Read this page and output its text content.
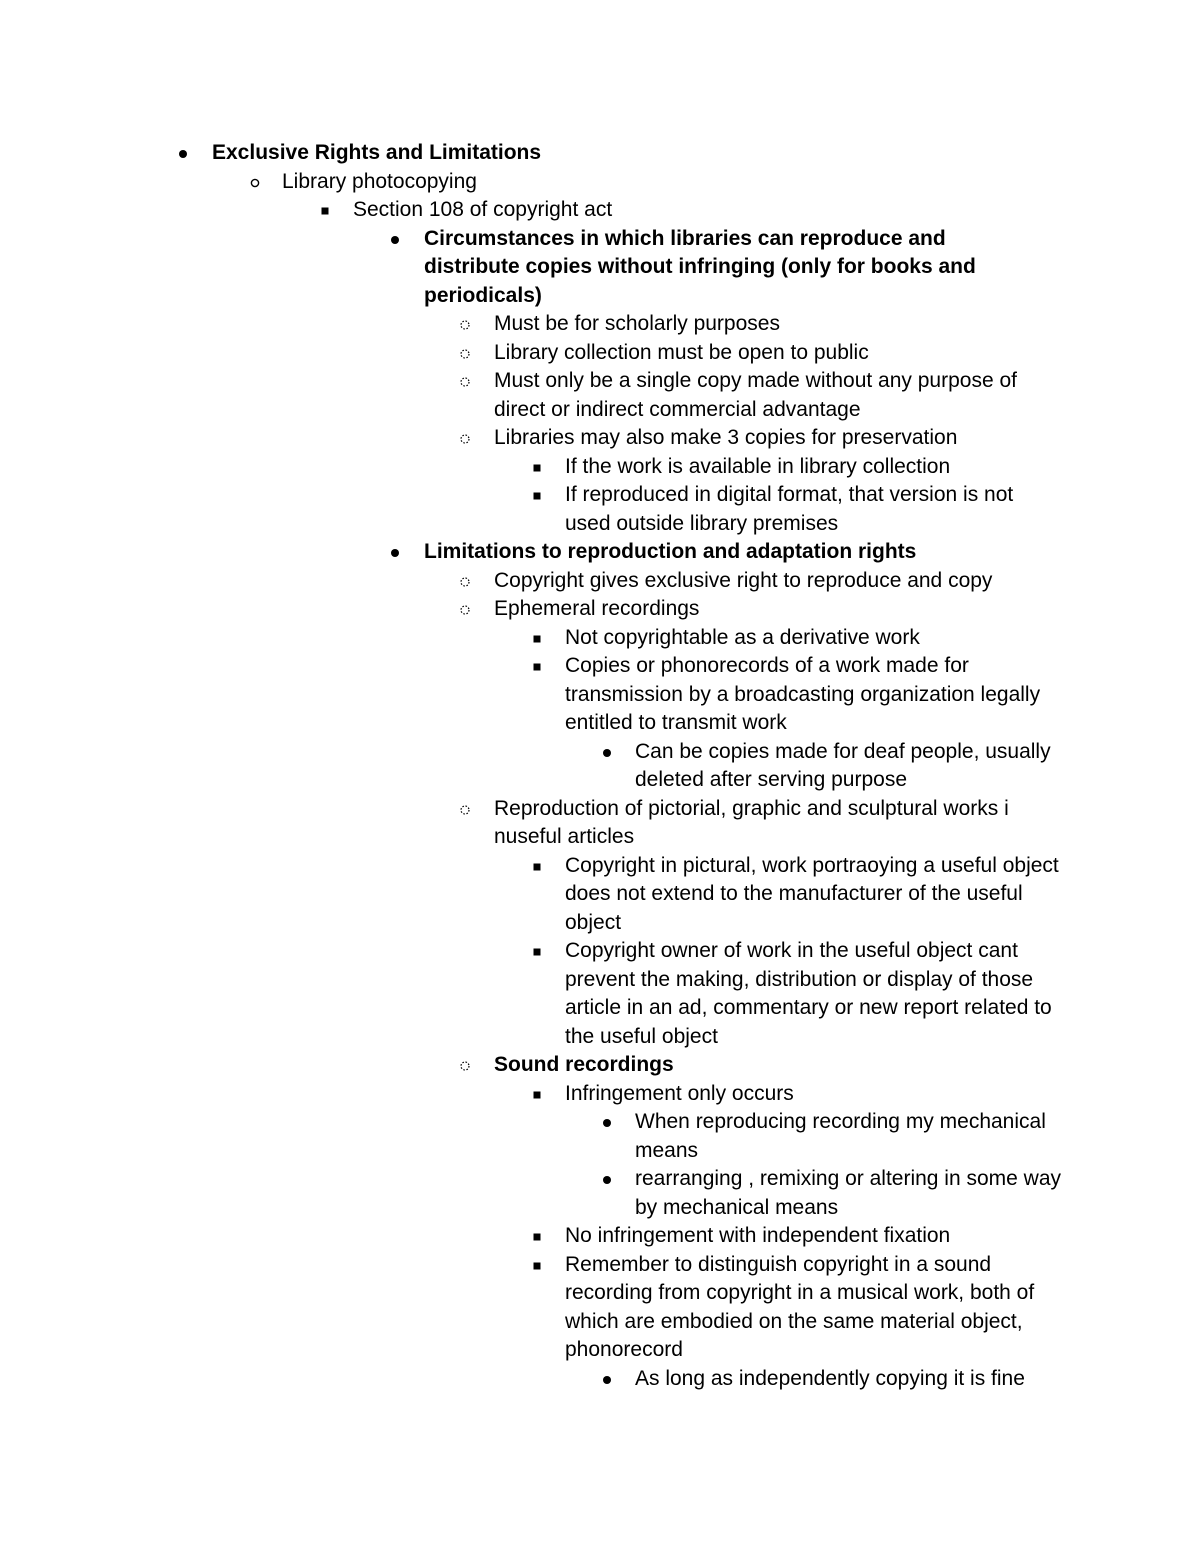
Exclusive Rights and Limitations
Library photocopying
Section 108 of copyright act
Circumstances in which libraries can reproduce and distribute copies without infringing (only for books and periodicals)
Must be for scholarly purposes
Library collection must be open to public
Must only be a single copy made without any purpose of direct or indirect commercial advantage
Libraries may also make 3 copies for preservation
If the work is available in library collection
If reproduced in digital format, that version is not used outside library premises
Limitations to reproduction and adaptation rights
Copyright gives exclusive right to reproduce and copy
Ephemeral recordings
Not copyrightable as a derivative work
Copies or phonorecords of a work made for transmission by a broadcasting organization legally entitled to transmit work
Can be copies made for deaf people, usually deleted after serving purpose
Reproduction of pictorial, graphic and sculptural works i nuseful articles
Copyright in pictural, work portraoying a useful object does not extend to the manufacturer of the useful object
Copyright owner of work in the useful object cant prevent the making, distribution or display of those article in an ad, commentary or new report related to the useful object
Sound recordings
Infringement only occurs
When reproducing recording my mechanical means
rearranging , remixing or altering in some way by mechanical means
No infringement with independent fixation
Remember to distinguish copyright in a sound recording from copyright in a musical work, both of which are embodied on the same material object, phonorecord
As long as independently copying it is fine
